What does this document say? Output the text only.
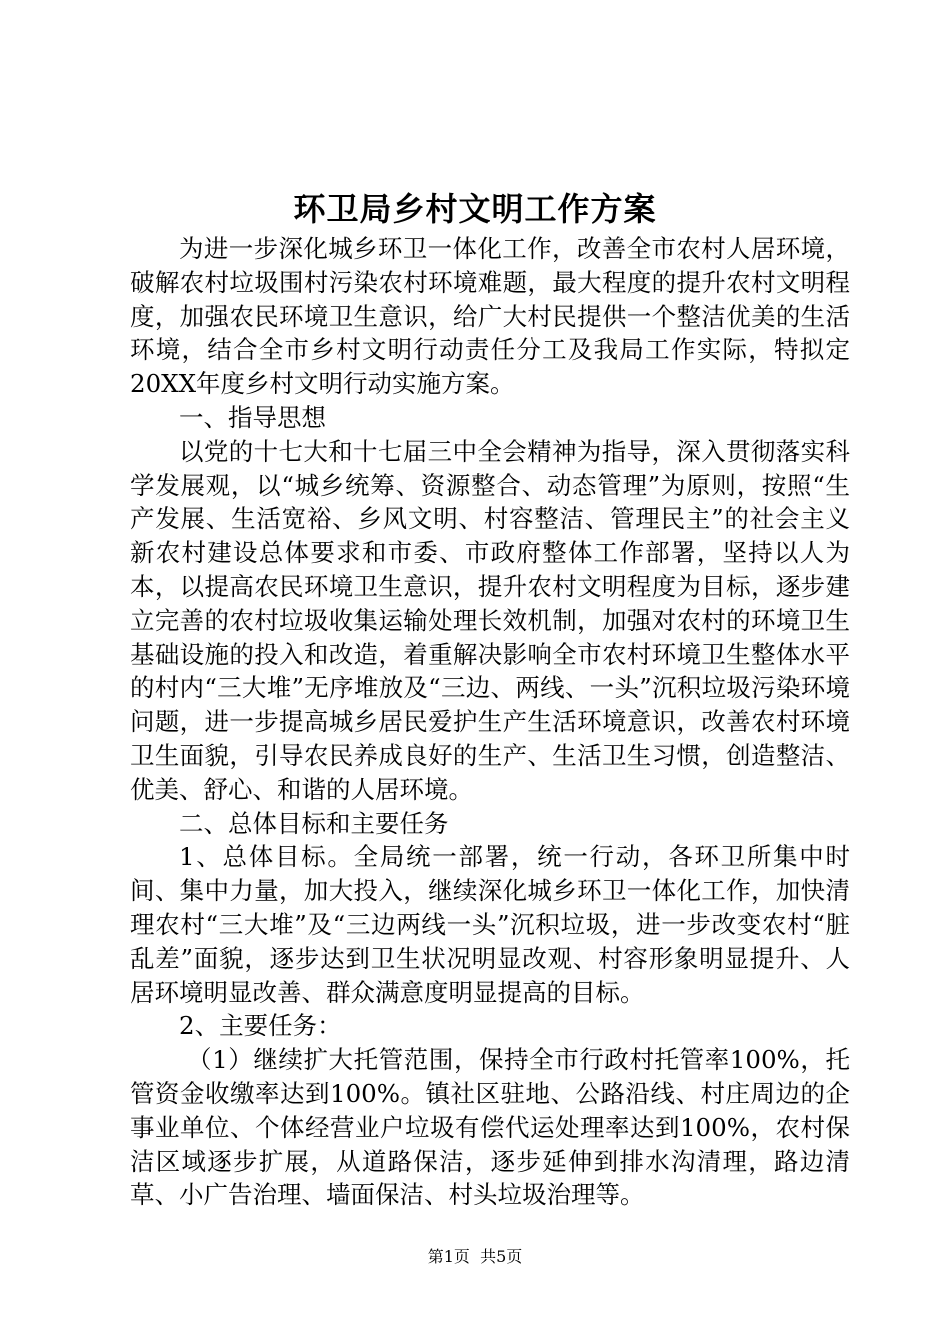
环卫局乡村文明工作方案

为进一步深化城乡环卫一体化工作，改善全市农村人居环境，破解农村垃圾围村污染农村环境难题，最大程度的提升农村文明程度，加强农民环境卫生意识，给广大村民提供一个整洁优美的生活环境，结合全市乡村文明行动责任分工及我局工作实际，特拟定20XX年度乡村文明行动实施方案。

一、指导思想

以党的十七大和十七届三中全会精神为指导，深入贯彻落实科学发展观，以“城乡统筹、资源整合、动态管理”为原则，按照“生产发展、生活宽裕、乡风文明、村容整洁、管理民主”的社会主义新农村建设总体要求和市委、市政府整体工作部署，坚持以人为本，以提高农民环境卫生意识，提升农村文明程度为目标，逐步建立完善的农村垃圾收集运输处理长效机制，加强对农村的环境卫生基础设施的投入和改造，着重解决影响全市农村环境卫生整体水平的村内“三大堆”无序堆放及“三边、两线、一头”沉积垃圾污染环境问题，进一步提高城乡居民爱护生产生活环境意识，改善农村环境卫生面貌，引导农民养成良好的生产、生活卫生习惯，创造整洁、优美、舒心、和谐的人居环境。

二、总体目标和主要任务

1、总体目标。全局统一部署，统一行动，各环卫所集中时间、集中力量，加大投入，继续深化城乡环卫一体化工作，加快清理农村“三大堆”及“三边两线一头”沉积垃圾，进一步改变农村“脏乱差”面貌，逐步达到卫生状况明显改观、村容形象明显提升、人居环境明显改善、群众满意度明显提高的目标。

2、主要任务：

（1）继续扩大托管范围，保持全市行政村托管率100%，托管资金收缴率达到100%。镇社区驻地、公路沿线、村庄周边的企事业单位、个体经营业户垃圾有偿代运处理率达到100%，农村保洁区域逐步扩展，从道路保洁，逐步延伸到排水沟清理，路边清草、小广告治理、墙面保洁、村头垃圾治理等。

第1页 共5页
